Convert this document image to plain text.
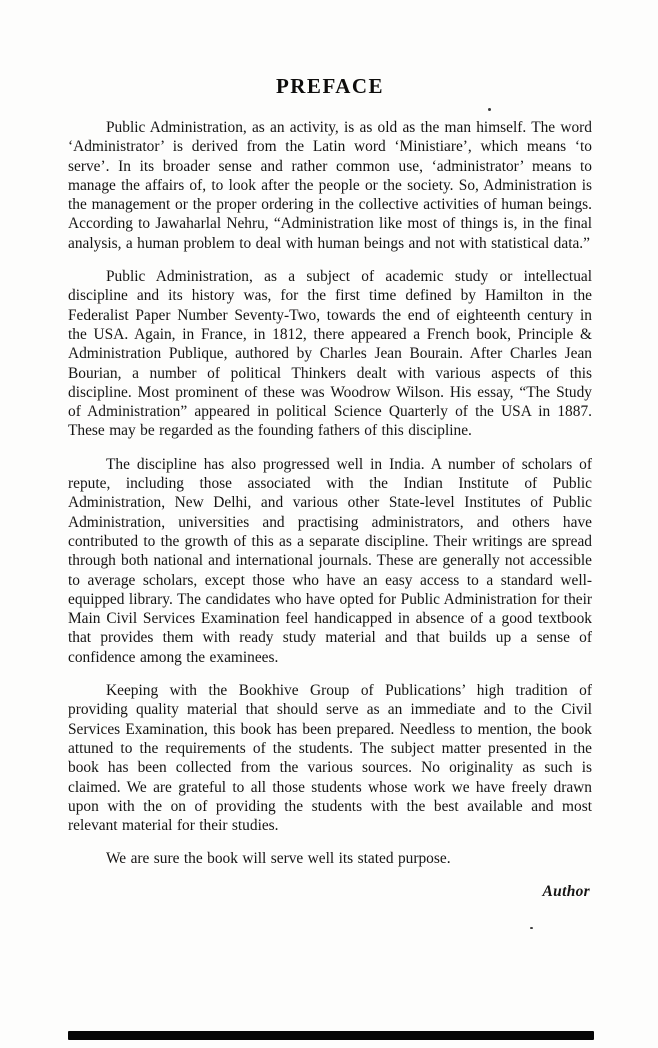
PREFACE

Public Administration, as an activity, is as old as the man himself. The word ‘Administrator’ is derived from the Latin word ‘Ministiare’, which means ‘to serve’. In its broader sense and rather common use, ‘administrator’ means to manage the affairs of, to look after the people or the society. So, Administration is the management or the proper ordering in the collective activities of human beings. According to Jawaharlal Nehru, “Administration like most of things is, in the final analysis, a human problem to deal with human beings and not with statistical data.”

Public Administration, as a subject of academic study or intellectual discipline and its history was, for the first time defined by Hamilton in the Federalist Paper Number Seventy-Two, towards the end of eighteenth century in the USA. Again, in France, in 1812, there appeared a French book, Principle & Administration Publique, authored by Charles Jean Bourain. After Charles Jean Bourian, a number of political Thinkers dealt with various aspects of this discipline. Most prominent of these was Woodrow Wilson. His essay, “The Study of Administration” appeared in political Science Quarterly of the USA in 1887. These may be regarded as the founding fathers of this discipline.

The discipline has also progressed well in India. A number of scholars of repute, including those associated with the Indian Institute of Public Administration, New Delhi, and various other State-level Institutes of Public Administration, universities and practising administrators, and others have contributed to the growth of this as a separate discipline. Their writings are spread through both national and international journals. These are generally not accessible to average scholars, except those who have an easy access to a standard well-equipped library. The candidates who have opted for Public Administration for their Main Civil Services Examination feel handicapped in absence of a good textbook that provides them with ready study material and that builds up a sense of confidence among the examinees.

Keeping with the Bookhive Group of Publications’ high tradition of providing quality material that should serve as an immediate and to the Civil Services Examination, this book has been prepared. Needless to mention, the book attuned to the requirements of the students. The subject matter presented in the book has been collected from the various sources. No originality as such is claimed. We are grateful to all those students whose work we have freely drawn upon with the on of providing the students with the best available and most relevant material for their studies.

We are sure the book will serve well its stated purpose.

Author
